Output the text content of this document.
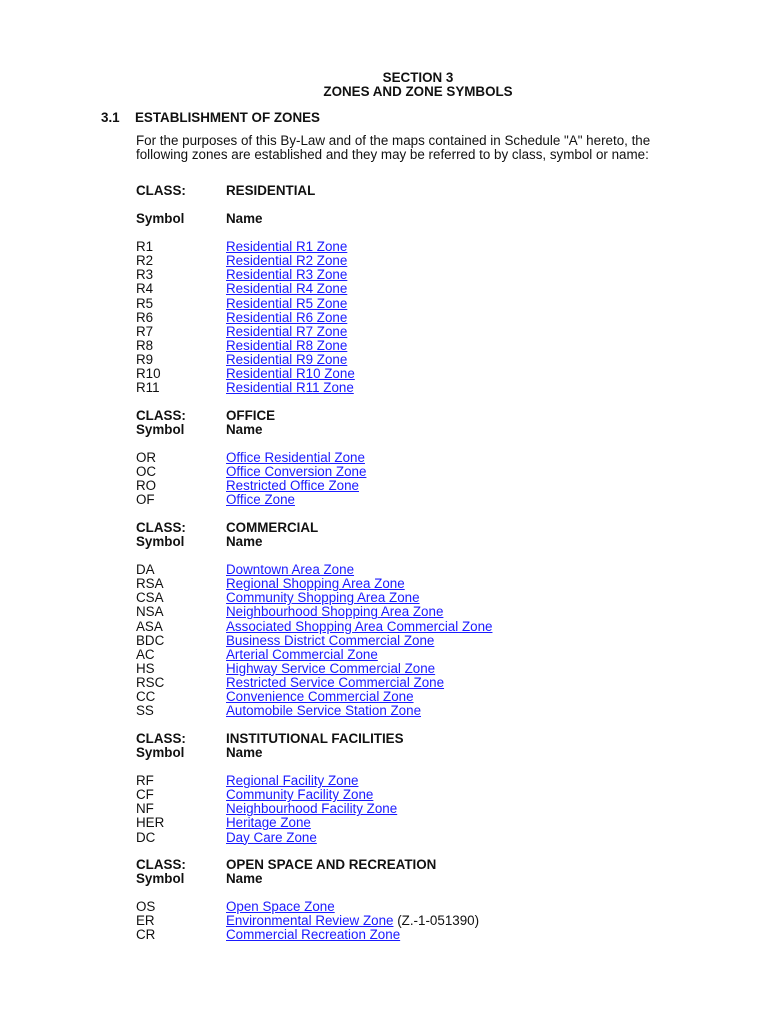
SECTION 3
ZONES AND ZONE SYMBOLS
3.1 ESTABLISHMENT OF ZONES
For the purposes of this By-Law and of the maps contained in Schedule "A" hereto, the following zones are established and they may be referred to by class, symbol or name:
CLASS:	RESIDENTIAL
Symbol	Name
R1	Residential R1 Zone
R2	Residential R2 Zone
R3	Residential R3 Zone
R4	Residential R4 Zone
R5	Residential R5 Zone
R6	Residential R6 Zone
R7	Residential R7 Zone
R8	Residential R8 Zone
R9	Residential R9 Zone
R10	Residential R10 Zone
R11	Residential R11 Zone
CLASS:	OFFICE
Symbol	Name
OR	Office Residential Zone
OC	Office Conversion Zone
RO	Restricted Office Zone
OF	Office Zone
CLASS:	COMMERCIAL
Symbol	Name
DA	Downtown Area Zone
RSA	Regional Shopping Area Zone
CSA	Community Shopping Area Zone
NSA	Neighbourhood Shopping Area Zone
ASA	Associated Shopping Area Commercial Zone
BDC	Business District Commercial Zone
AC	Arterial Commercial Zone
HS	Highway Service Commercial Zone
RSC	Restricted Service Commercial Zone
CC	Convenience Commercial Zone
SS	Automobile Service Station Zone
CLASS:	INSTITUTIONAL FACILITIES
Symbol	Name
RF	Regional Facility Zone
CF	Community Facility Zone
NF	Neighbourhood Facility Zone
HER	Heritage Zone
DC	Day Care Zone
CLASS:	OPEN SPACE AND RECREATION
Symbol	Name
OS	Open Space Zone
ER	Environmental Review Zone (Z.-1-051390)
CR	Commercial Recreation Zone
